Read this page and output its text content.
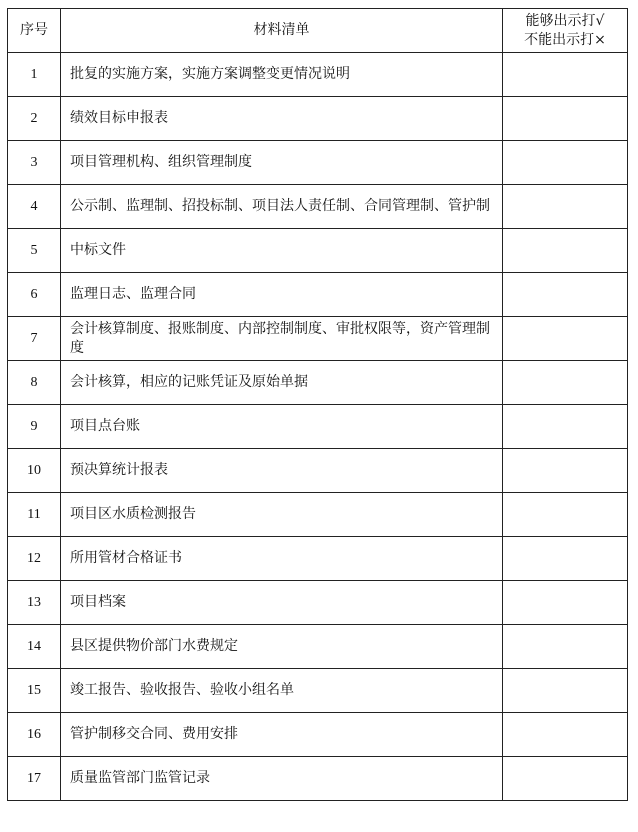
序号	材料清单	能够出示打√
不能出示打×

1	批复的实施方案，实施方案调整变更情况说明	
2	绩效目标申报表	
3	项目管理机构、组织管理制度	
4	公示制、监理制、招投标制、项目法人责任制、合同管理制、管护制	
5	中标文件	
6	监理日志、监理合同	
7	会计核算制度、报账制度、内部控制制度、审批权限等，资产管理制度	
8	会计核算，相应的记账凭证及原始单据	
9	项目点台账	
10	预决算统计报表	
11	项目区水质检测报告	
12	所用管材合格证书	
13	项目档案	
14	县区提供物价部门水费规定	
15	竣工报告、验收报告、验收小组名单	
16	管护制移交合同、费用安排	
17	质量监管部门监管记录	
